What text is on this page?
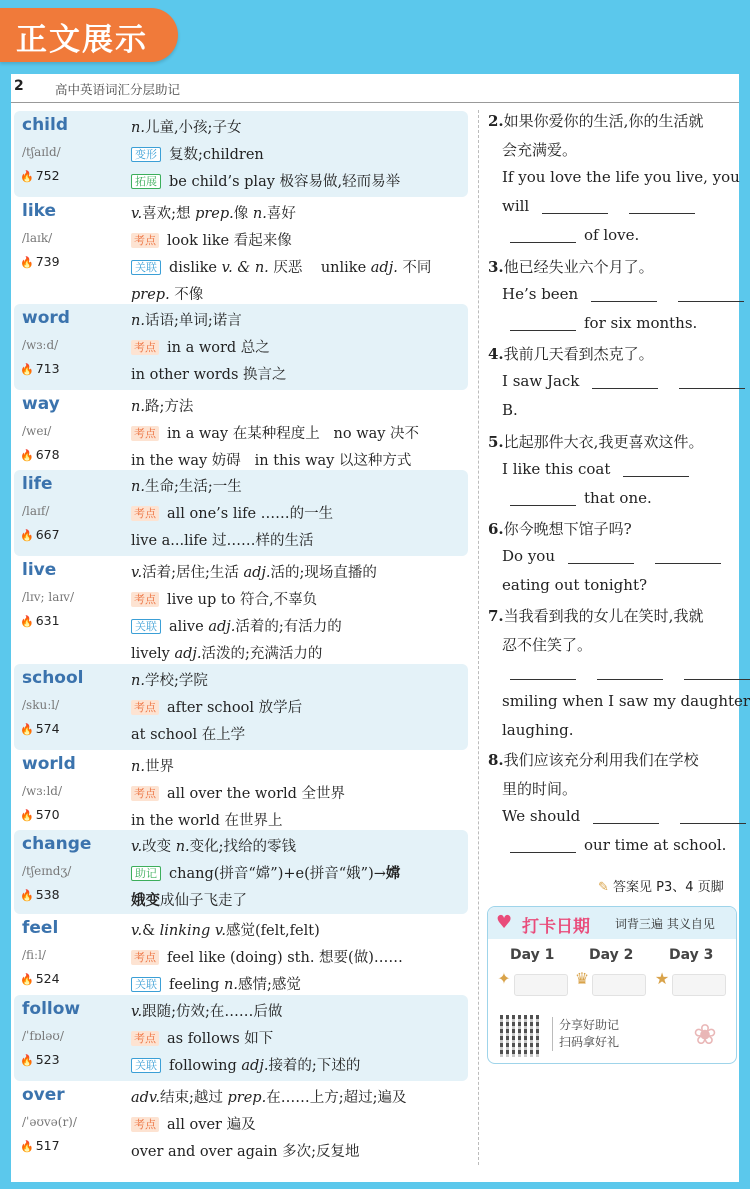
正文展示
2	高中英语词汇分层助记
child
/tʃaɪld/
🔥 752
n.儿童,小孩;子女
变形 复数;children
拓展 be child’s play 极容易做,轻而易举
like
/laɪk/
🔥 739
v.喜欢;想 prep.像 n.喜好
考点 look like 看起来像
关联 dislike v. & n. 厌恶    unlike adj. 不同
prep. 不像
word
/wɜːd/
🔥 713
n.话语;单词;诺言
考点 in a word 总之
in other words 换言之
way
/weɪ/
🔥 678
n.路;方法
考点 in a way 在某种程度上   no way 决不
in the way 妨碍   in this way 以这种方式
life
/laɪf/
🔥 667
n.生命;生活;一生
考点 all one’s life ……的一生
live a...life 过……样的生活
live
/lɪv; laɪv/
🔥 631
v.活着;居住;生活 adj.活的;现场直播的
考点 live up to 符合,不辜负
关联 alive adj.活着的;有活力的
lively adj.活泼的;充满活力的
school
/skuːl/
🔥 574
n.学校;学院
考点 after school 放学后
at school 在上学
world
/wɜːld/
🔥 570
n.世界
考点 all over the world 全世界
in the world 在世界上
change
/tʃeɪndʒ/
🔥 538
v.改变 n.变化;找给的零钱
助记 chang(拼音“嫦”)+e(拼音“娥”)→嫦
娥变成仙子飞走了
feel
/fiːl/
🔥 524
v.& linking v.感觉(felt,felt)
考点 feel like (doing) sth. 想要(做)……
关联 feeling n.感情;感觉
follow
/ˈfɒləʊ/
🔥 523
v.跟随;仿效;在……后做
考点 as follows 如下
关联 following adj.接着的;下述的
over
/ˈəʊvə(r)/
🔥 517
adv.结束;越过 prep.在……上方;超过;遍及
考点 all over 遍及
over and over again 多次;反复地
2.如果你爱你的生活,你的生活就
会充满爱。
If you love the life you live, you
will
of love.
3.他已经失业六个月了。
He’s been
for six months.
4.我前几天看到杰克了。
I saw Jack
B.
5.比起那件大衣,我更喜欢这件。
I like this coat
that one.
6.你今晚想下馆子吗?
Do you
eating out tonight?
7.当我看到我的女儿在笑时,我就
忍不住笑了。

smiling when I saw my daughter
laughing.
8.我们应该充分利用我们在学校
里的时间。
We should
our time at school.
✎ 答案见 P3、4 页脚
♥ 打卡日期 词背三遍 其义自见
Day 1 Day 2	Day 3
✦	♛	★
分享好助记
扫码拿好礼	❀
